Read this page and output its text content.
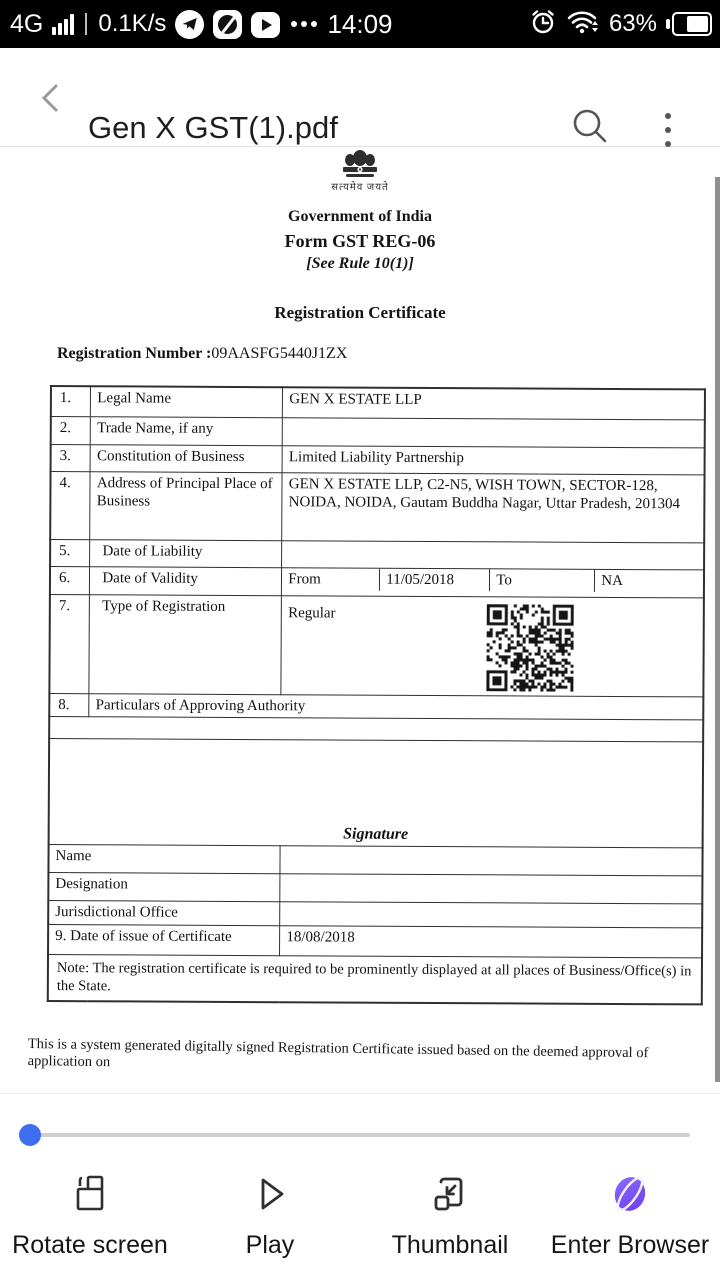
4G 0.1K/s	14:09	63%
Gen X GST(1).pdf
सत्यमेव जयते
Government of India
Form GST REG-06
[See Rule 10(1)]
Registration Certificate
Registration Number :09AASFG5440J1ZX
1.	Legal Name	GEN X ESTATE LLP
2.	Trade Name, if any	
3.	Constitution of Business	Limited Liability Partnership
4.	Address of Principal Place of Business	GEN X ESTATE LLP, C2-N5, WISH TOWN, SECTOR-128, NOIDA, NOIDA, Gautam Buddha Nagar, Uttar Pradesh, 201304
5.	Date of Liability	
6.	Date of Validity	From 11/05/2018 To NA

7.	Type of Registration	Regular

8.	Particulars of Approving Authority	

Signature		

Name		
Designation		
Jurisdictional Office		
9. Date of issue of Certificate		18/08/2018
Note: The registration certificate is required to be prominently displayed at all places of Business/Office(s) in the State.		
This is a system generated digitally signed Registration Certificate issued based on the deemed approval of application on
Rotate screen	Play	Thumbnail Enter Browser
